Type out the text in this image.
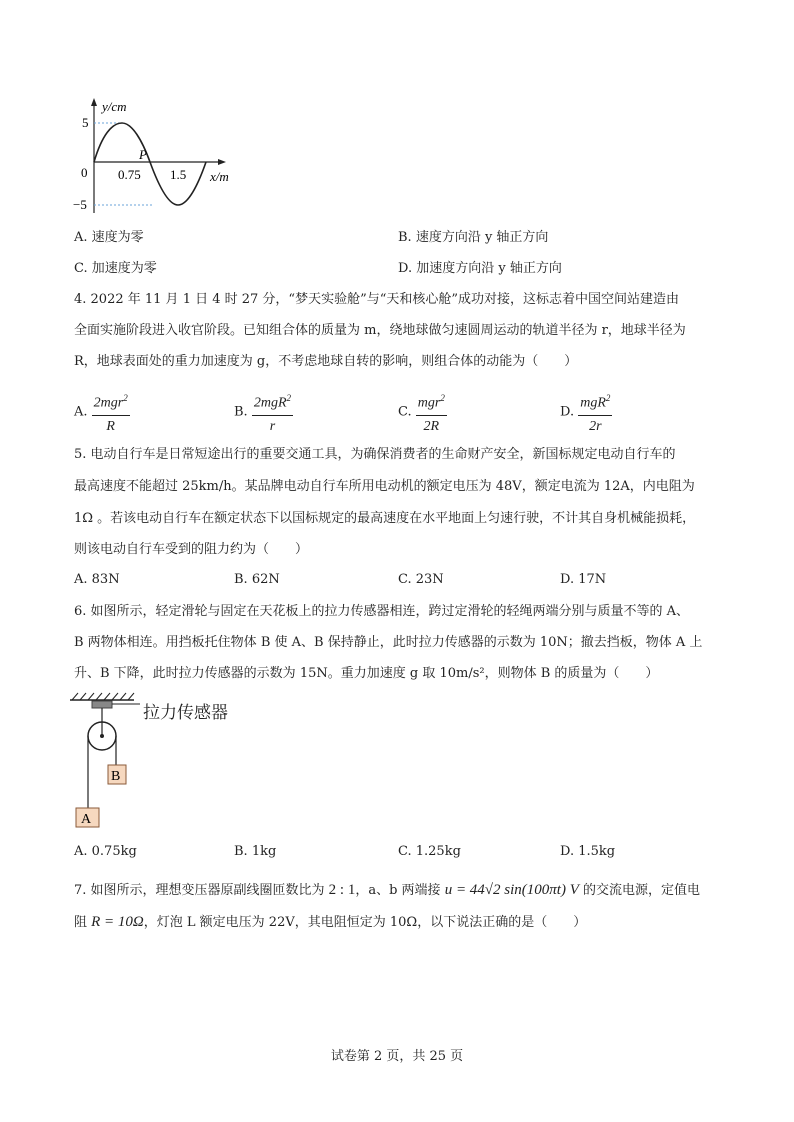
y/cm
5
0
−5
P
0.75 1.5 x/m
A. 速度为零	B. 速度方向沿 y 轴正方向
C. 加速度为零	D. 加速度方向沿 y 轴正方向
4. 2022 年 11 月 1 日 4 时 27 分，“梦天实验舱”与“天和核心舱”成功对接，这标志着中国空间站建造由
全面实施阶段进入收官阶段。已知组合体的质量为 m，绕地球做匀速圆周运动的轨道半径为 r，地球半径为
R，地球表面处的重力加速度为 g，不考虑地球自转的影响，则组合体的动能为（　　）
A. $\frac{2mgr^2}{R}$	B. $\frac{2mgR^2}{r}$	C. $\frac{mgr^2}{2R}$	D. $\frac{mgR^2}{2r}$
5. 电动自行车是日常短途出行的重要交通工具，为确保消费者的生命财产安全，新国标规定电动自行车的
最高速度不能超过 25km/h。某品牌电动自行车所用电动机的额定电压为 48V，额定电流为 12A，内电阻为
1Ω 。若该电动自行车在额定状态下以国标规定的最高速度在水平地面上匀速行驶，不计其自身机械能损耗，
则该电动自行车受到的阻力约为（　　）
A. 83N	B. 62N	C. 23N	D. 17N
6. 如图所示，轻定滑轮与固定在天花板上的拉力传感器相连，跨过定滑轮的轻绳两端分别与质量不等的 A、
B 两物体相连。用挡板托住物体 B 使 A、B 保持静止，此时拉力传感器的示数为 10N；撤去挡板，物体 A 上
升、B 下降，此时拉力传感器的示数为 15N。重力加速度 g 取 10m/s²，则物体 B 的质量为（　　）
B
A
拉力传感器
A. 0.75kg	B. 1kg	C. 1.25kg	D. 1.5kg
7. 如图所示，理想变压器原副线圈匝数比为 2 : 1，a、b 两端接 u = 44√2 sin(100πt) V 的交流电源，定值电
阻 R = 10Ω，灯泡 L 额定电压为 22V，其电阻恒定为 10Ω，以下说法正确的是（　　）
试卷第 2 页，共 25 页
